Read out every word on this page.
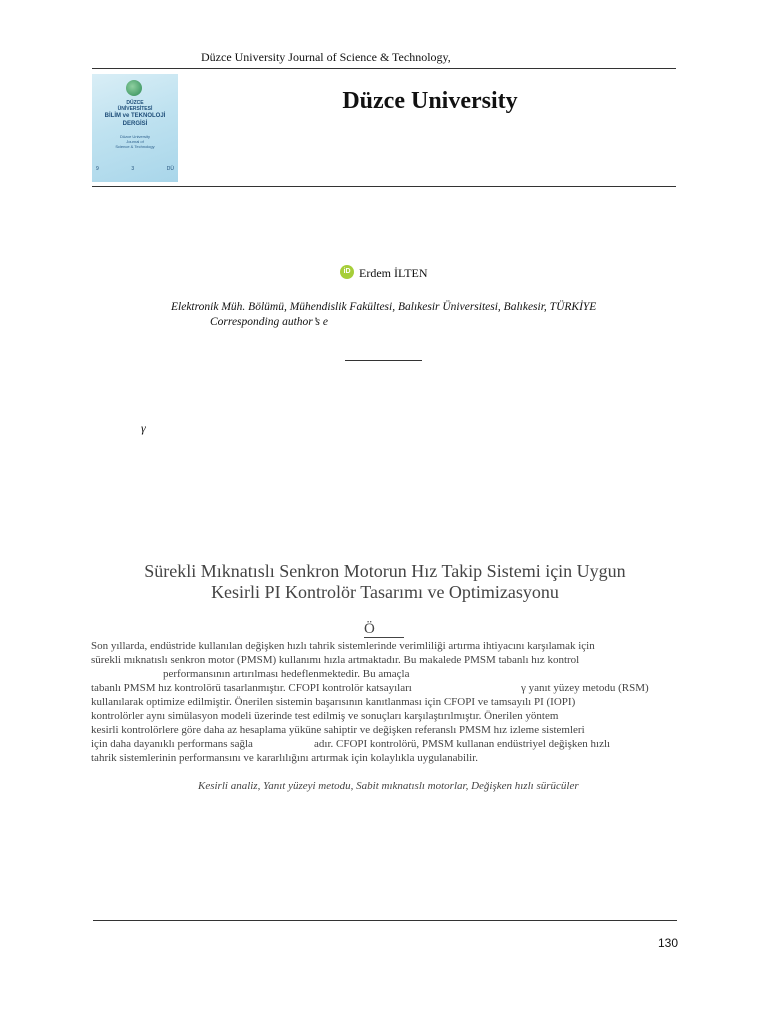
Düzce University Journal of Science & Technology,
DÜZCE
ÜNİVERSİTESİ
BİLİM ve TEKNOLOJİ
DERGİSİ
Düzce University
Journal of
Science & Technology
9	3	DÜ
Düzce University
iD Erdem İLTEN
Elektronik Müh. Bölümü, Mühendislik Fakültesi, Balıkesir Üniversitesi, Balıkesir, TÜRKİYE
Corresponding author’s e
γ
Sürekli Mıknatıslı Senkron Motorun Hız Takip Sistemi için Uygun
Kesirli PI Kontrolör Tasarımı ve Optimizasyonu
Ö
Son yıllarda, endüstride kullanılan değişken hızlı tahrik sistemlerinde verimliliği artırma ihtiyacını karşılamak için
sürekli mıknatıslı senkron motor (PMSM) kullanımı hızla artmaktadır. Bu makalede PMSM tabanlı hız kontrol
performansının artırılması hedeflenmektedir. Bu amaçla
tabanlı PMSM hız kontrolörü tasarlanmıştır. CFOPI kontrolör katsayıları	γ yanıt yüzey metodu (RSM)
kullanılarak optimize edilmiştir. Önerilen sistemin başarısının kanıtlanması için CFOPI ve tamsayılı PI (IOPI)
kontrolörler aynı simülasyon modeli üzerinde test edilmiş ve sonuçları karşılaştırılmıştır. Önerilen yöntem
kesirli kontrolörlere göre daha az hesaplama yüküne sahiptir ve değişken referanslı PMSM hız izleme sistemleri
için daha dayanıklı performans sağla	adır. CFOPI kontrolörü, PMSM kullanan endüstriyel değişken hızlı
tahrik sistemlerinin performansını ve kararlılığını artırmak için kolaylıkla uygulanabilir.
Kesirli analiz, Yanıt yüzeyi metodu, Sabit mıknatıslı motorlar, Değişken hızlı sürücüler
130
